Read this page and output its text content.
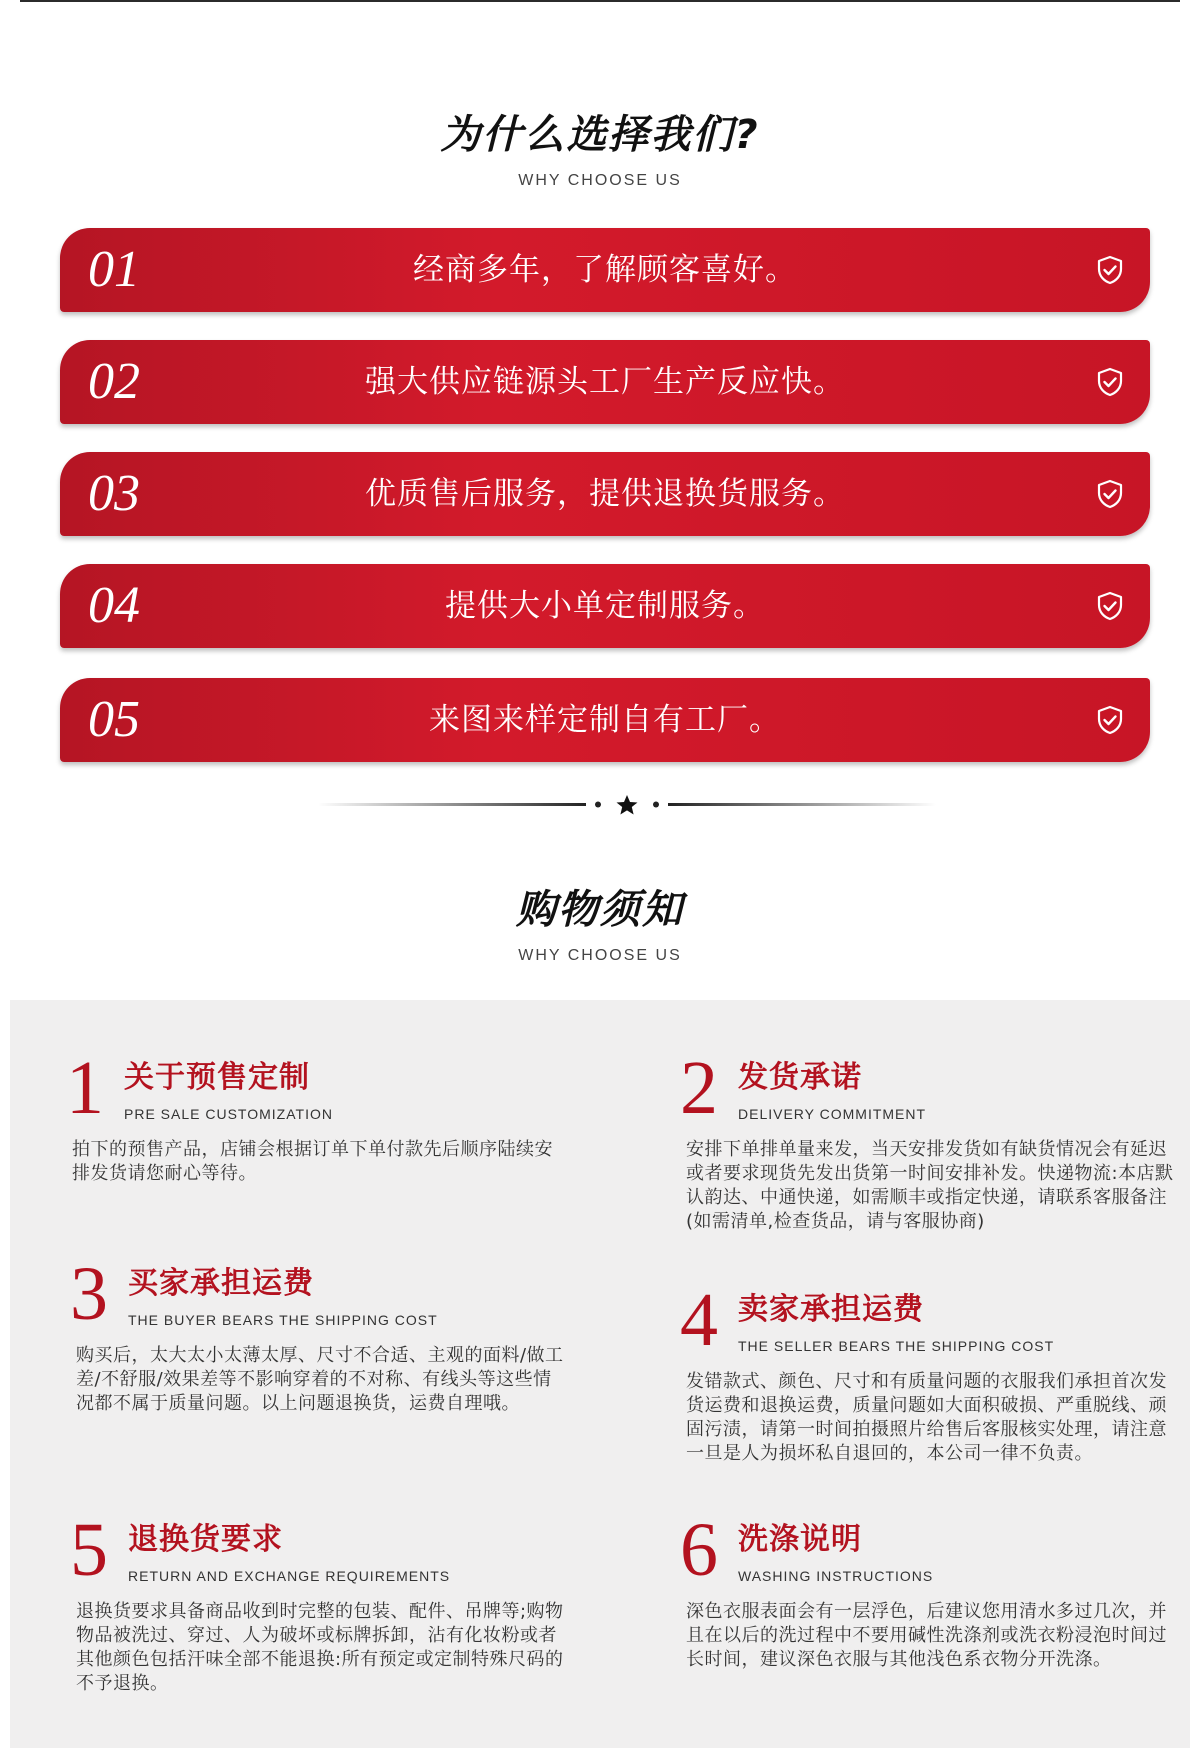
为什么选择我们?
WHY CHOOSE US
01	经商多年，了解顾客喜好。
02	强大供应链源头工厂生产反应快。
03	优质售后服务，提供退换货服务。
04	提供大小单定制服务。
05	来图来样定制自有工厂。
购物须知
WHY CHOOSE US
1 关于预售定制
PRE SALE CUSTOMIZATION
拍下的预售产品，店铺会根据订单下单付款先后顺序陆续安排发货请您耐心等待。
2 发货承诺
DELIVERY COMMITMENT
安排下单排单量来发，当天安排发货如有缺货情况会有延迟或者要求现货先发出货第一时间安排补发。快递物流:本店默认韵达、中通快递，如需顺丰或指定快递，请联系客服备注(如需清单,检查货品，请与客服协商)
3 买家承担运费
THE BUYER BEARS THE SHIPPING COST
购买后，太大太小太薄太厚、尺寸不合适、主观的面料/做工差/不舒服/效果差等不影响穿着的不对称、有线头等这些情况都不属于质量问题。以上问题退换货，运费自理哦。
4 卖家承担运费
THE SELLER BEARS THE SHIPPING COST
发错款式、颜色、尺寸和有质量问题的衣服我们承担首次发货运费和退换运费，质量问题如大面积破损、严重脱线、顽固污渍，请第一时间拍摄照片给售后客服核实处理，请注意一旦是人为损坏私自退回的，本公司一律不负责。
5 退换货要求
RETURN AND EXCHANGE REQUIREMENTS
退换货要求具备商品收到时完整的包装、配件、吊牌等;购物物品被洗过、穿过、人为破坏或标牌拆卸，沾有化妆粉或者其他颜色包括汗味全部不能退换:所有预定或定制特殊尺码的不予退换。
6 洗涤说明
WASHING INSTRUCTIONS
深色衣服表面会有一层浮色，后建议您用清水多过几次，并且在以后的洗过程中不要用碱性洗涤剂或洗衣粉浸泡时间过长时间，建议深色衣服与其他浅色系衣物分开洗涤。
